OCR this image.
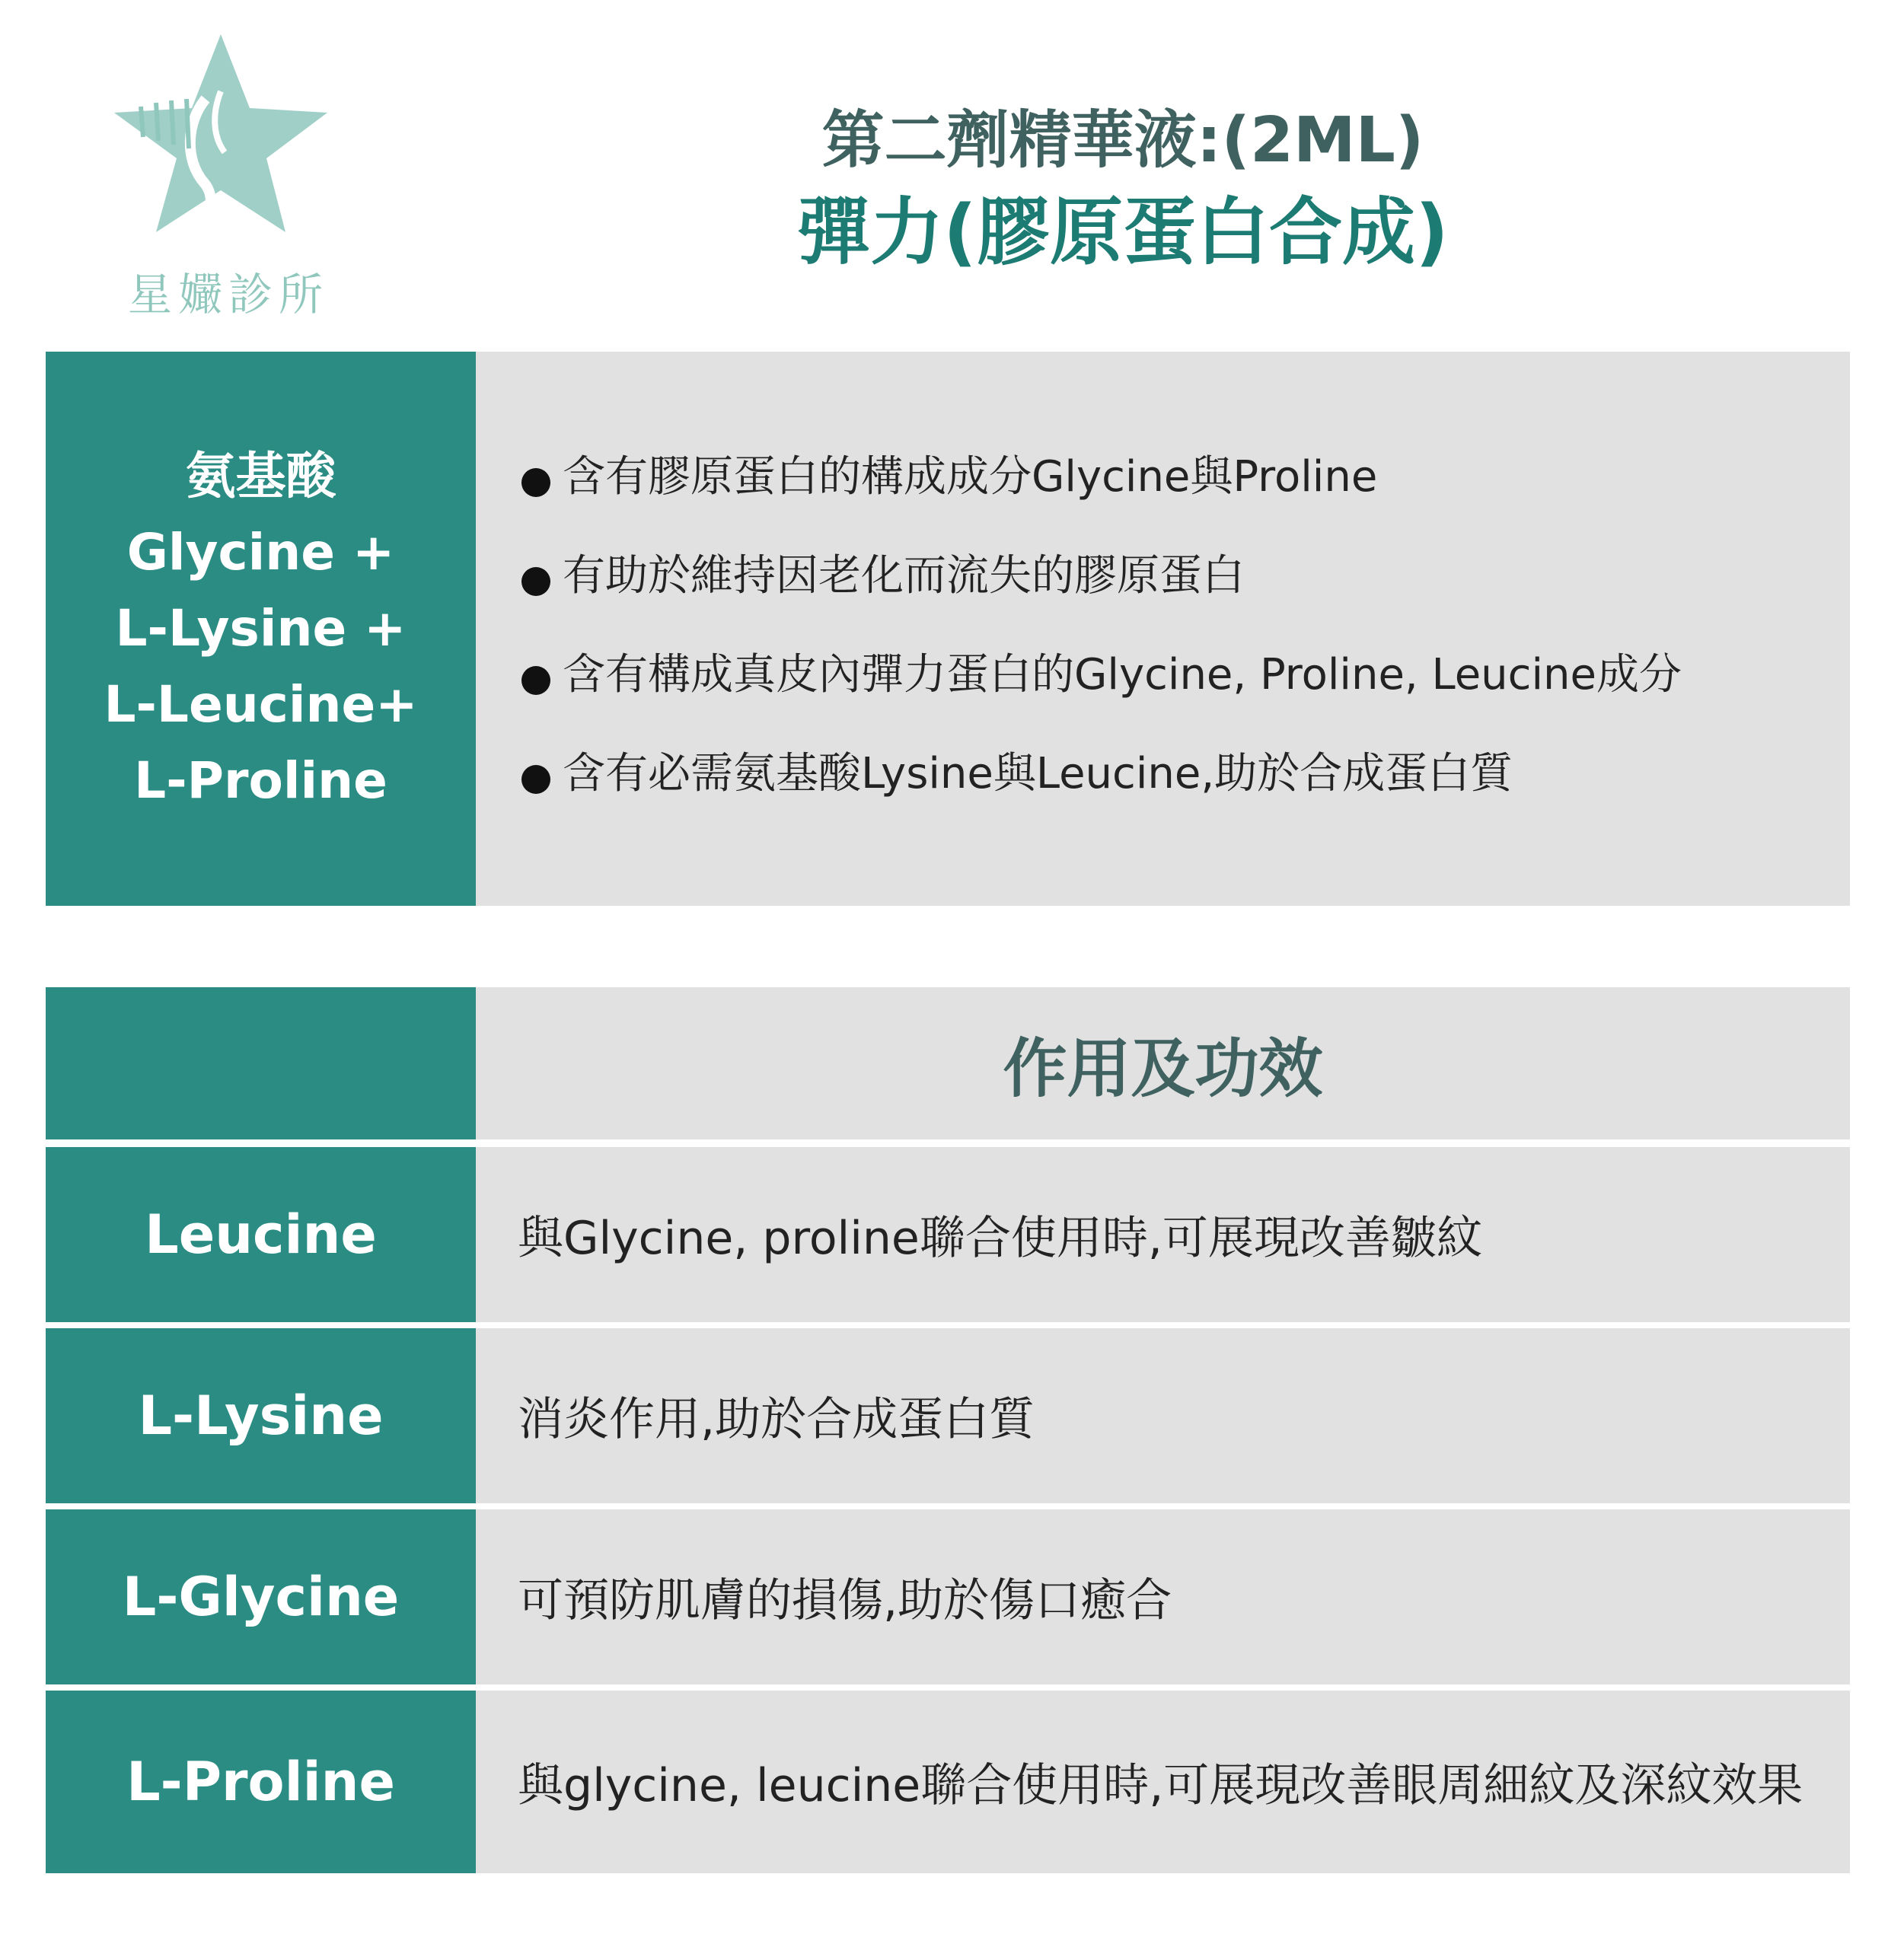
星孍診所
第二劑精華液:(2ML)
彈力(膠原蛋白合成)
氨基酸
Glycine +
L-Lysine +
L-Leucine+
L-Proline
含有膠原蛋白的構成成分Glycine與Proline
有助於維持因老化而流失的膠原蛋白
含有構成真皮內彈力蛋白的Glycine, Proline, Leucine成分
含有必需氨基酸Lysine與Leucine,助於合成蛋白質
作用及功效
Leucine	與Glycine, proline聯合使用時,可展現改善皺紋
L-Lysine	消炎作用,助於合成蛋白質
L-Glycine	可預防肌膚的損傷,助於傷口癒合
L-Proline	與glycine, leucine聯合使用時,可展現改善眼周細紋及深紋效果
